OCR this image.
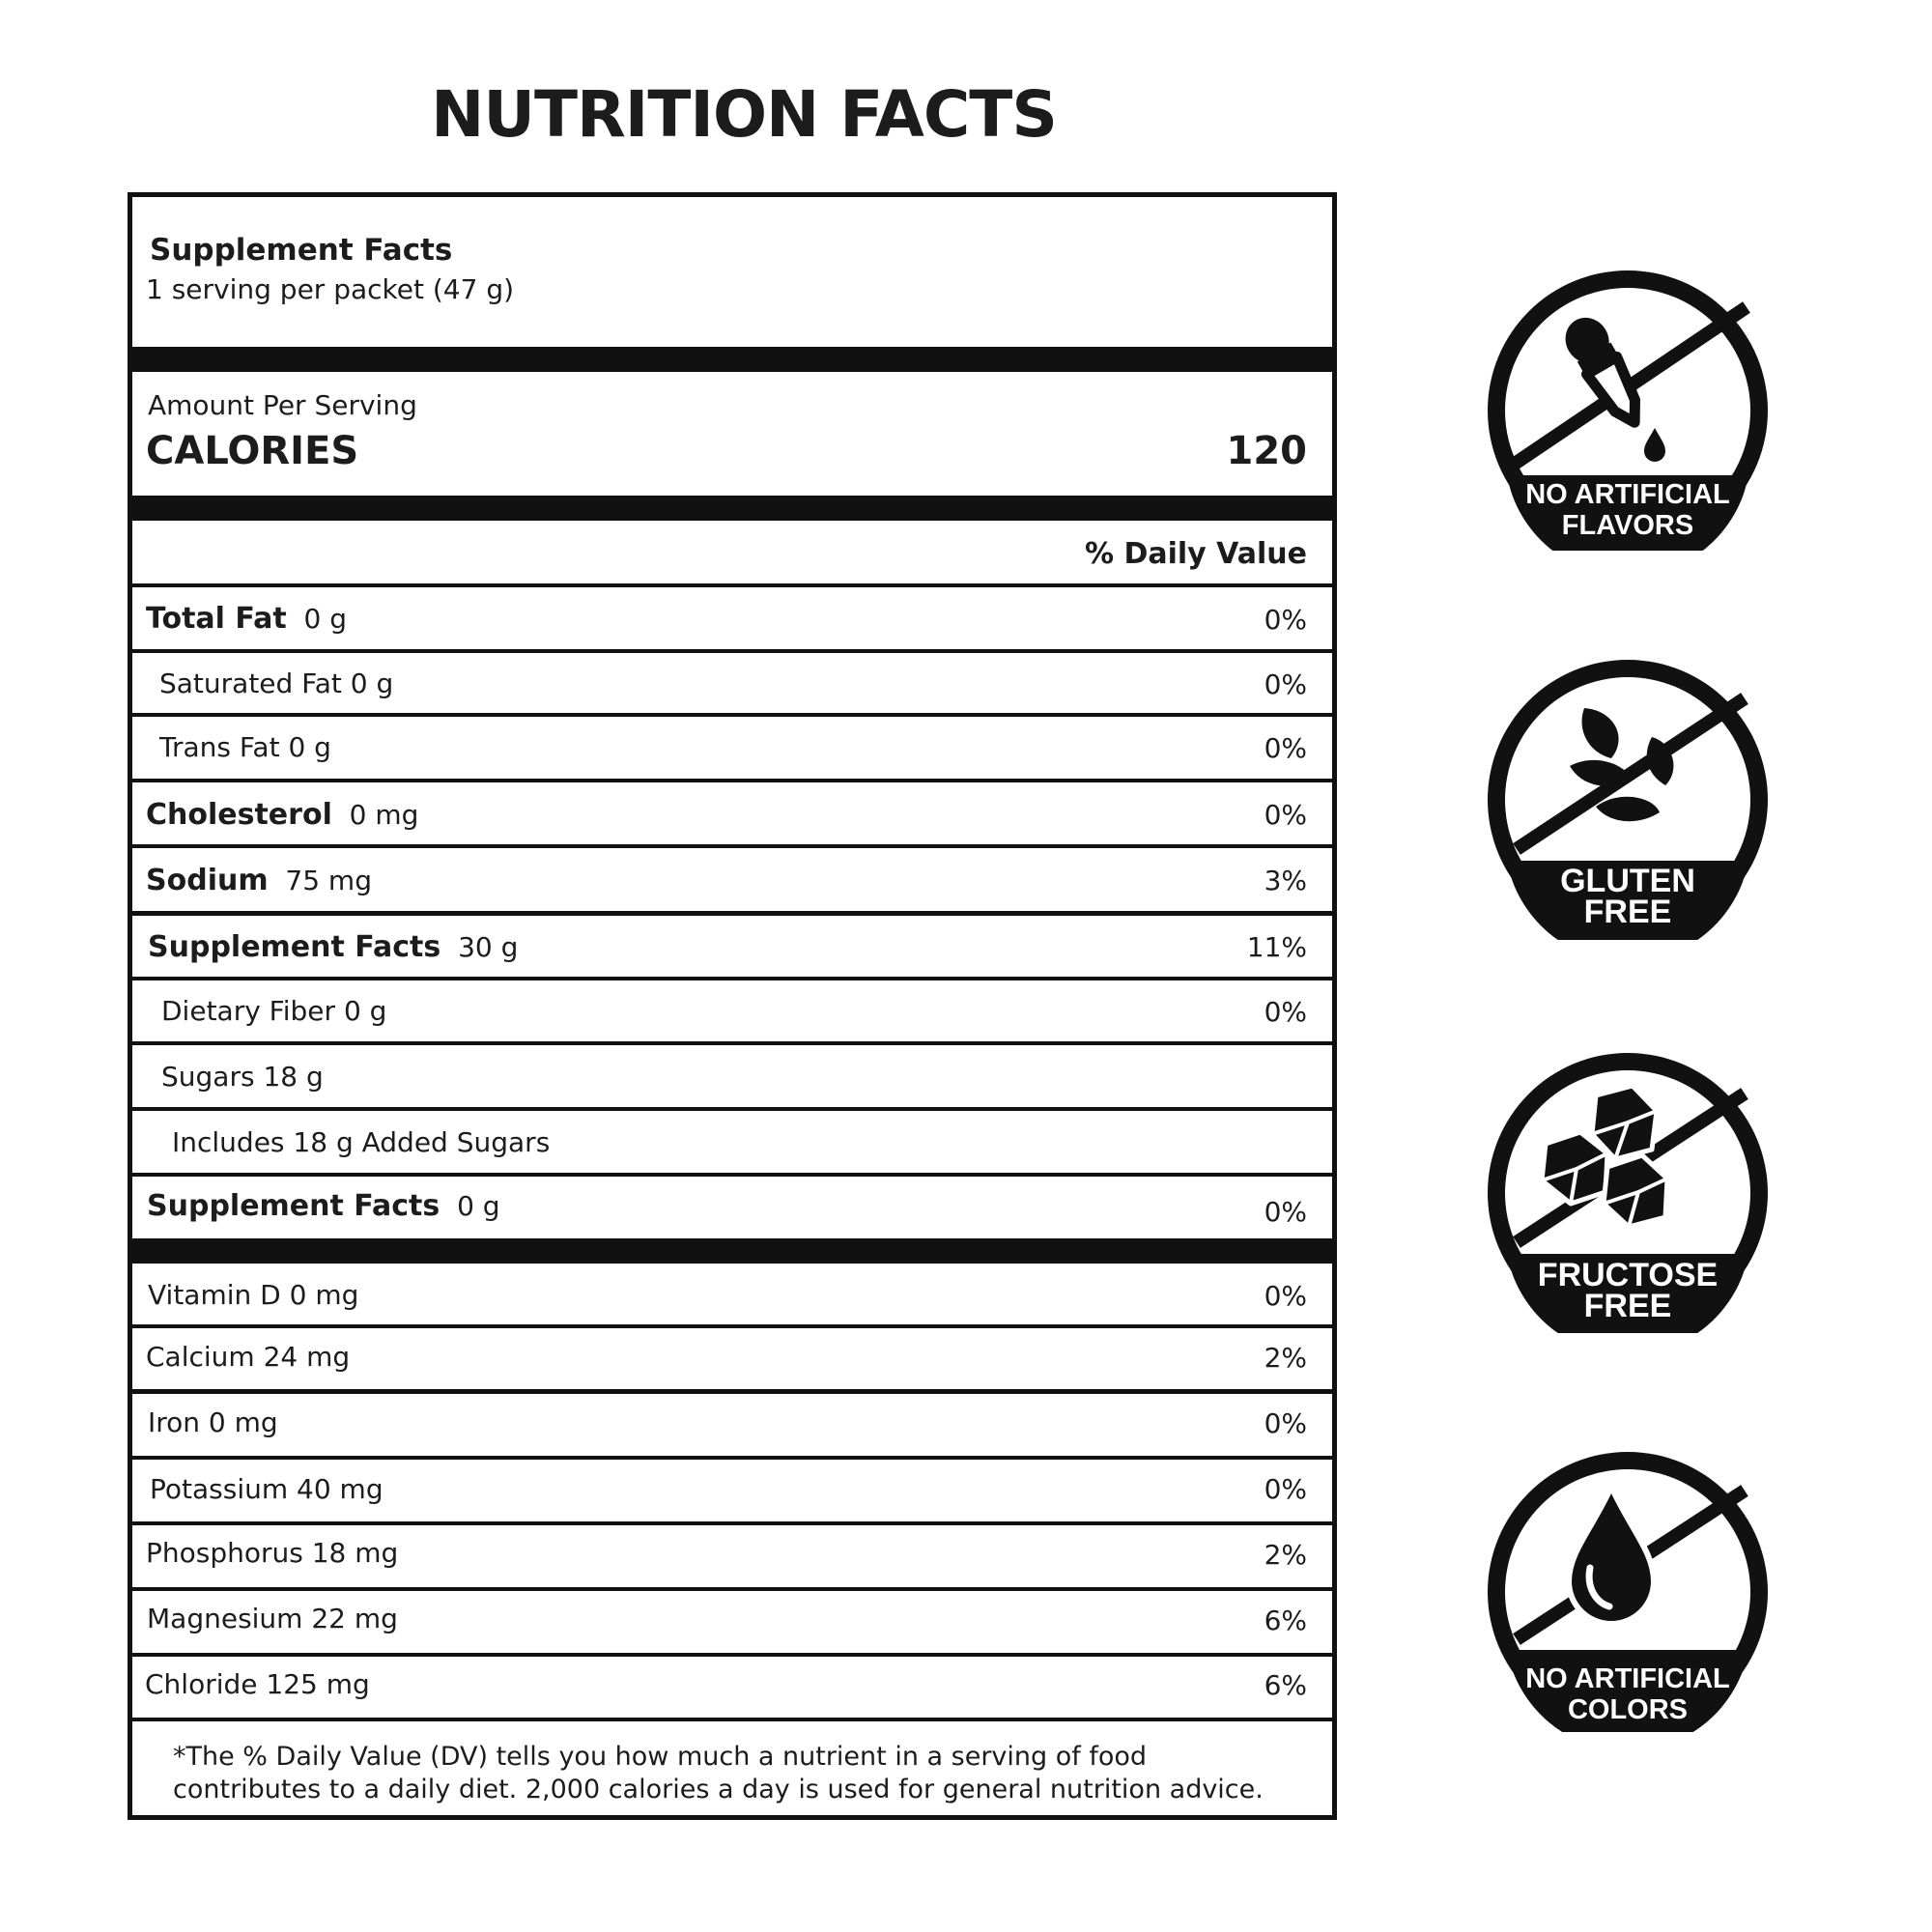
NUTRITION FACTS
Supplement Facts
1 serving per packet (47 g)
Amount Per Serving
CALORIES	120
% Daily Value
Total Fat 0 g	0%
Saturated Fat 0 g	0%
Trans Fat 0 g	0%
Cholesterol 0 mg	0%
Sodium 75 mg	3%
Supplement Facts 30 g	11%
Dietary Fiber 0 g	0%
Sugars 18 g
Includes 18 g Added Sugars
Supplement Facts 0 g	0%
Vitamin D 0 mg	0%
Calcium 24 mg	2%
Iron 0 mg	0%
Potassium 40 mg	0%
Phosphorus 18 mg	2%
Magnesium 22 mg	6%
Chloride 125 mg	6%
*The % Daily Value (DV) tells you how much a nutrient in a serving of food contributes to a daily diet. 2,000 calories a day is used for general nutrition advice.
NO ARTIFICIAL
FLAVORS
GLUTEN
FREE
FRUCTOSE
FREE
NO ARTIFICIAL
COLORS
